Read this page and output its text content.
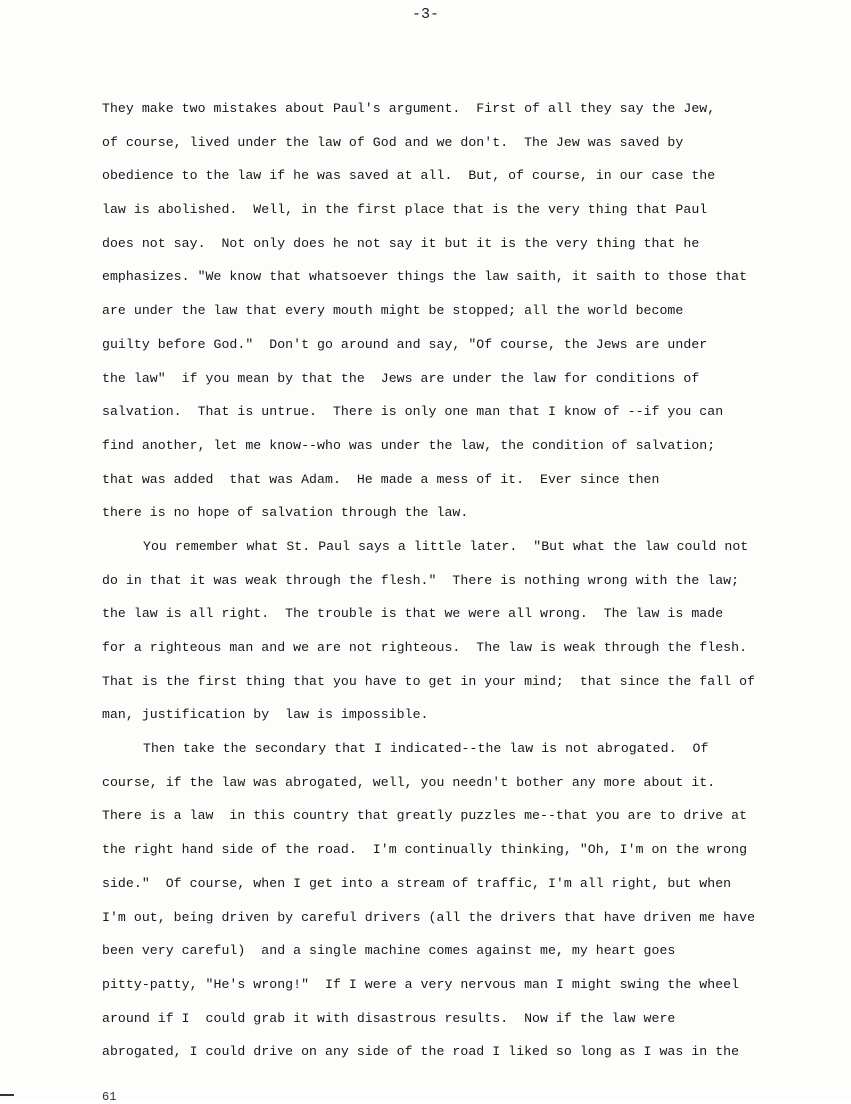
-3-
They make two mistakes about Paul's argument.  First of all they say the Jew,
of course, lived under the law of God and we don't.  The Jew was saved by
obedience to the law if he was saved at all.  But, of course, in our case the
law is abolished.  Well, in the first place that is the very thing that Paul
does not say.  Not only does he not say it but it is the very thing that he
emphasizes. "We know that whatsoever things the law saith, it saith to those that
are under the law that every mouth might be stopped; all the world become
guilty before God."  Don't go around and say, "Of course, the Jews are under
the law"  if you mean by that the  Jews are under the law for conditions of
salvation.  That is untrue.  There is only one man that I know of --if you can
find another, let me know--who was under the law, the condition of salvation;
that was added  that was Adam.  He made a mess of it.  Ever since then
there is no hope of salvation through the law.
You remember what St. Paul says a little later.  "But what the law could not
do in that it was weak through the flesh."  There is nothing wrong with the law;
the law is all right.  The trouble is that we were all wrong.  The law is made
for a righteous man and we are not righteous.  The law is weak through the flesh.
That is the first thing that you have to get in your mind;  that since the fall of
man, justification by  law is impossible.
Then take the secondary that I indicated--the law is not abrogated.  Of
course, if the law was abrogated, well, you needn't bother any more about it.
There is a law  in this country that greatly puzzles me--that you are to drive at
the right hand side of the road.  I'm continually thinking, "Oh, I'm on the wrong
side."  Of course, when I get into a stream of traffic, I'm all right, but when
I'm out, being driven by careful drivers (all the drivers that have driven me have
been very careful)  and a single machine comes against me, my heart goes
pitty-patty, "He's wrong!"  If I were a very nervous man I might swing the wheel
around if I  could grab it with disastrous results.  Now if the law were
abrogated, I could drive on any side of the road I liked so long as I was in the
61
